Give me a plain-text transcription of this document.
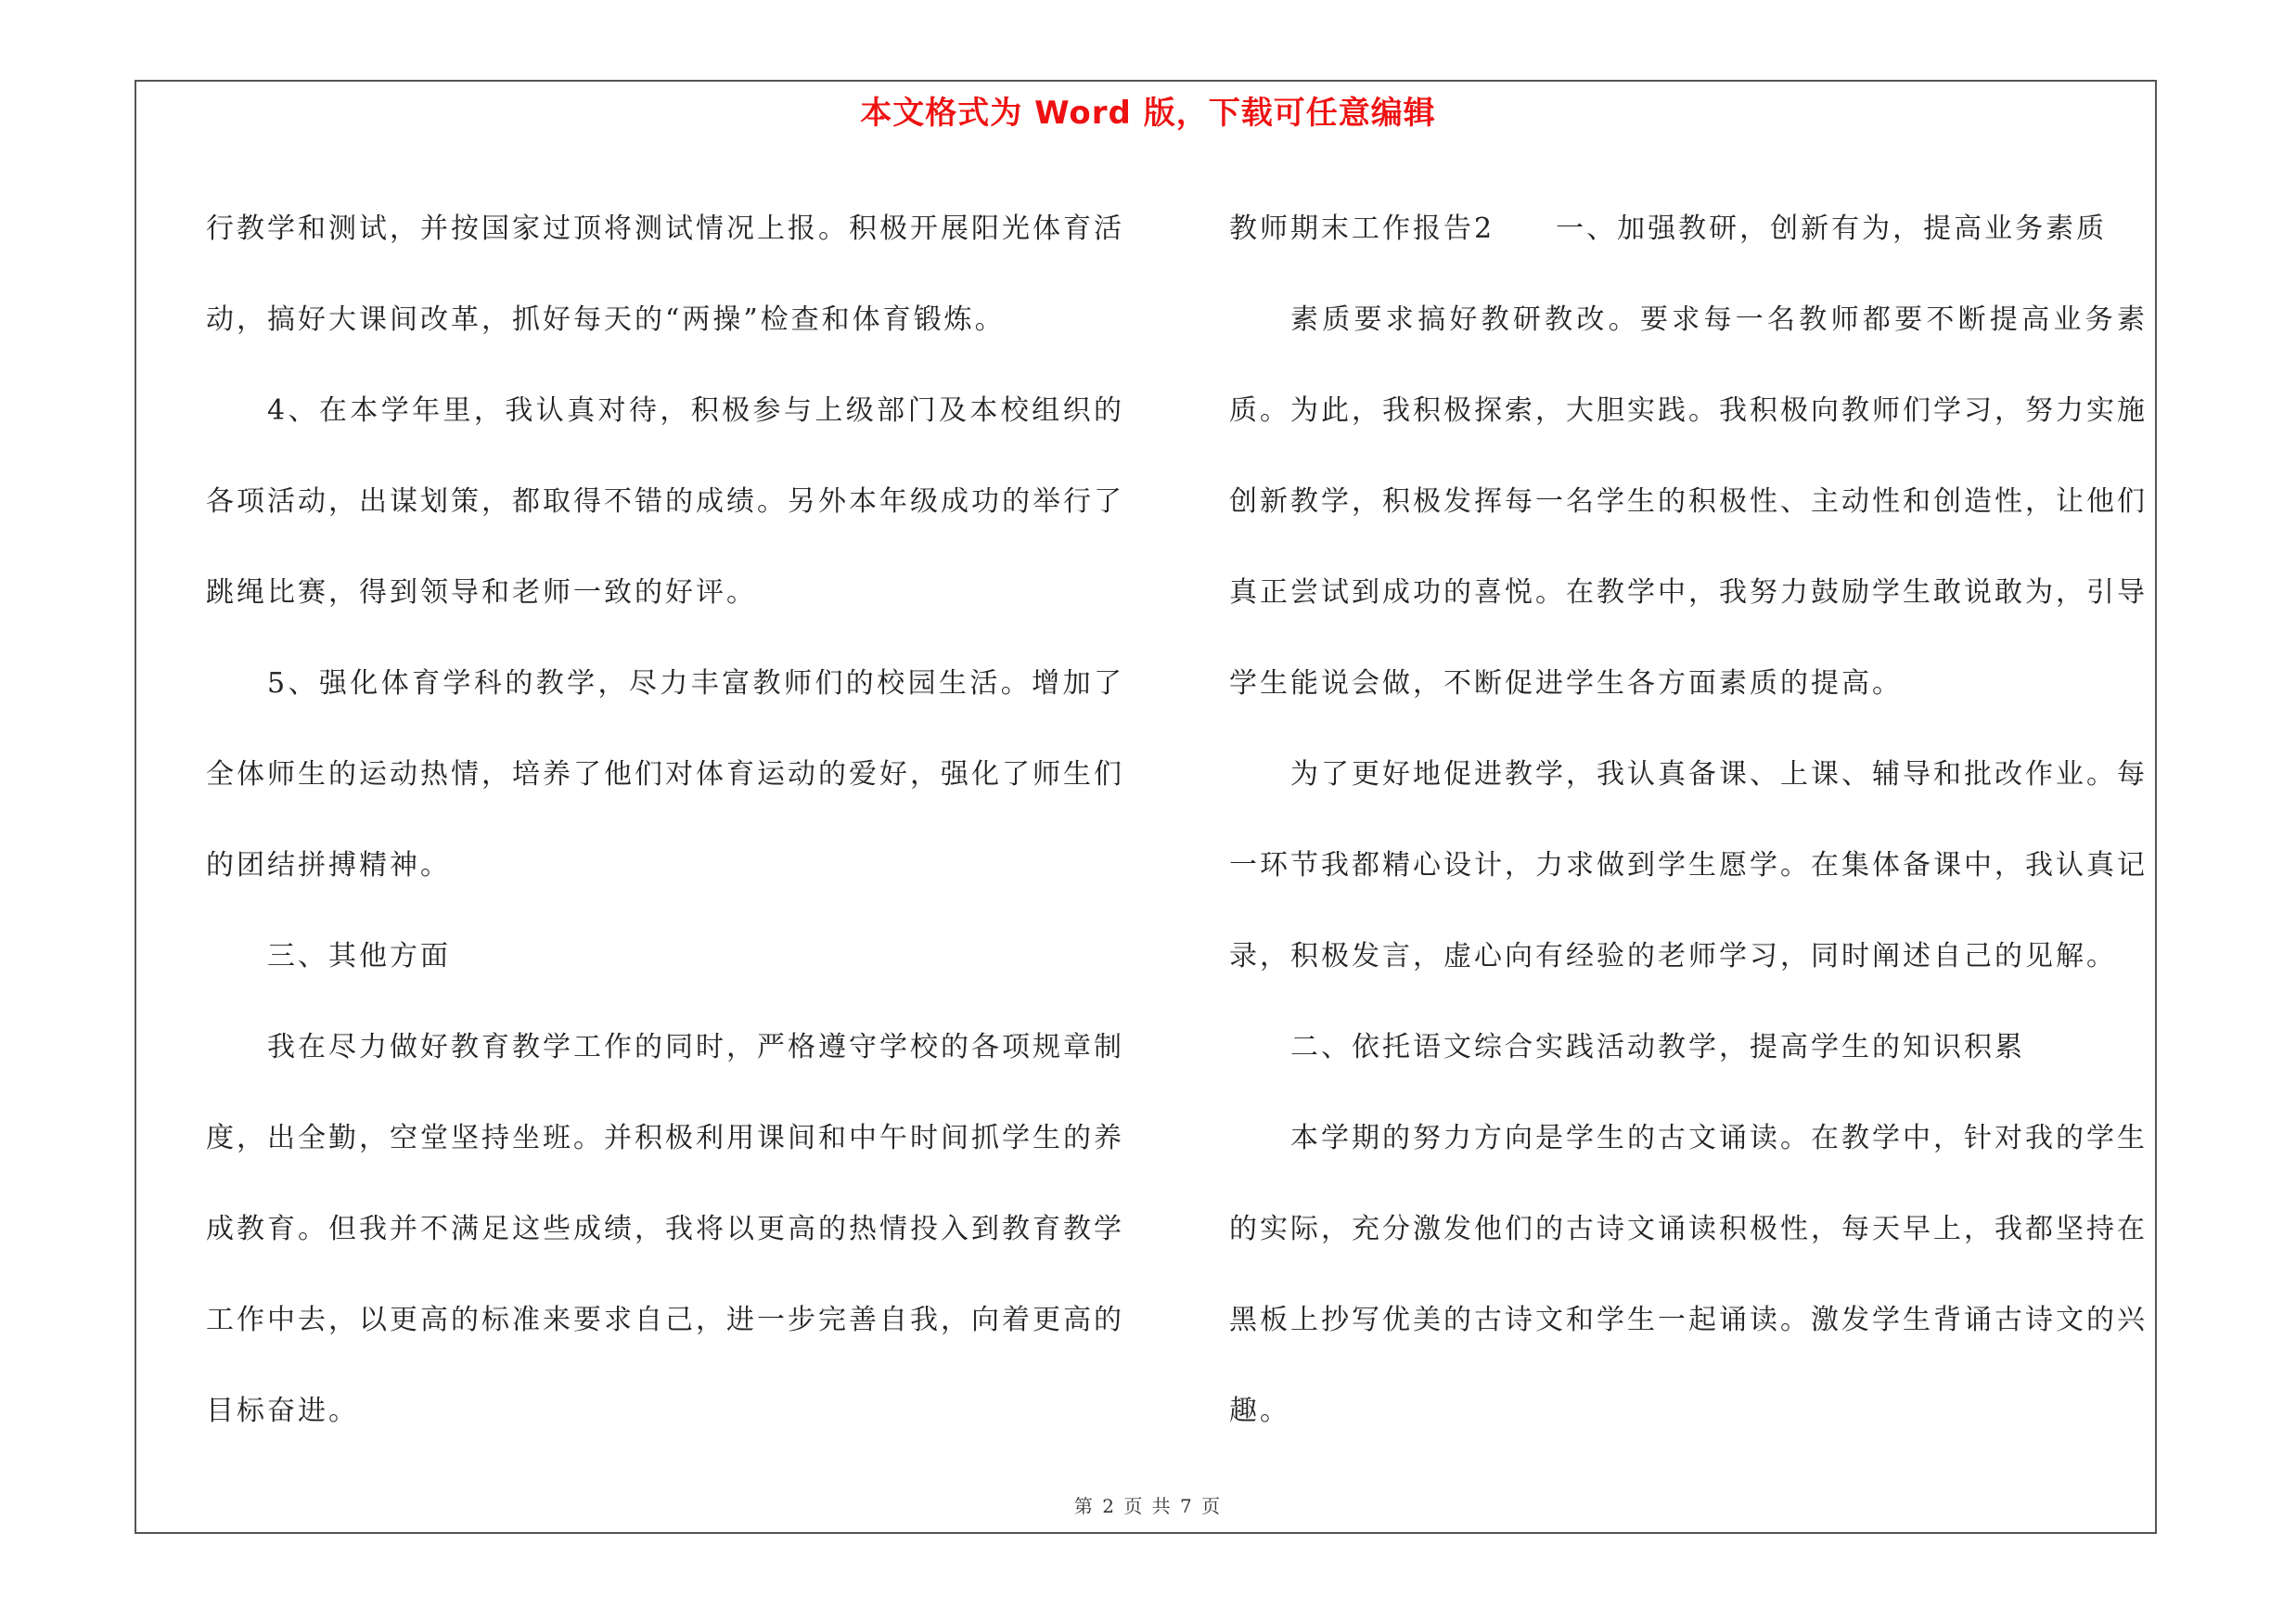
本文格式为 Word 版，下载可任意编辑

行教学和测试，并按国家过顶将测试情况上报。积极开展阳光体育活动，搞好大课间改革，抓好每天的“两操”检查和体育锻炼。

4、在本学年里，我认真对待，积极参与上级部门及本校组织的各项活动，出谋划策，都取得不错的成绩。另外本年级成功的举行了跳绳比赛，得到领导和老师一致的好评。

5、强化体育学科的教学，尽力丰富教师们的校园生活。增加了全体师生的运动热情，培养了他们对体育运动的爱好，强化了师生们的团结拼搏精神。

三、其他方面

我在尽力做好教育教学工作的同时，严格遵守学校的各项规章制度，出全勤，空堂坚持坐班。并积极利用课间和中午时间抓学生的养成教育。但我并不满足这些成绩，我将以更高的热情投入到教育教学工作中去，以更高的标准来要求自己，进一步完善自我，向着更高的目标奋进。

教师期末工作报告2　　一、加强教研，创新有为，提高业务素质

素质要求搞好教研教改。要求每一名教师都要不断提高业务素质。为此，我积极探索，大胆实践。我积极向教师们学习，努力实施创新教学，积极发挥每一名学生的积极性、主动性和创造性，让他们真正尝试到成功的喜悦。在教学中，我努力鼓励学生敢说敢为，引导学生能说会做，不断促进学生各方面素质的提高。

为了更好地促进教学，我认真备课、上课、辅导和批改作业。每一环节我都精心设计，力求做到学生愿学。在集体备课中，我认真记录，积极发言，虚心向有经验的老师学习，同时阐述自己的见解。

二、依托语文综合实践活动教学，提高学生的知识积累

本学期的努力方向是学生的古文诵读。在教学中，针对我的学生的实际，充分激发他们的古诗文诵读积极性，每天早上，我都坚持在黑板上抄写优美的古诗文和学生一起诵读。激发学生背诵古诗文的兴趣。

第 2 页 共 7 页
